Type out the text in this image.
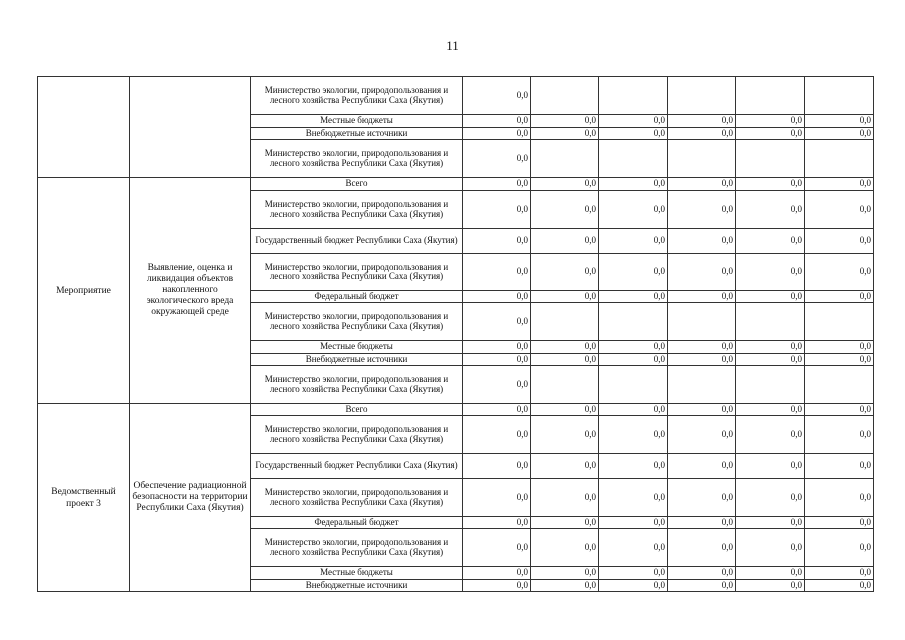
11
		Министерство экологии, природопользования и лесного хозяйства Республики Саха (Якутия)	0,0					
		Местные бюджеты	0,0	0,0	0,0	0,0	0,0	0,0
		Внебюджетные источники	0,0	0,0	0,0	0,0	0,0	0,0
		Министерство экологии, природопользования и лесного хозяйства Республики Саха (Якутия)	0,0					
Мероприятие	Выявление, оценка и ликвидация объектов накопленного экологического вреда окружающей среде	Всего	0,0	0,0	0,0	0,0	0,0	0,0
		Министерство экологии, природопользования и лесного хозяйства Республики Саха (Якутия)	0,0	0,0	0,0	0,0	0,0	0,0
		Государственный бюджет Республики Саха (Якутия)	0,0	0,0	0,0	0,0	0,0	0,0
		Министерство экологии, природопользования и лесного хозяйства Республики Саха (Якутия)	0,0	0,0	0,0	0,0	0,0	0,0
		Федеральный бюджет	0,0	0,0	0,0	0,0	0,0	0,0
		Министерство экологии, природопользования и лесного хозяйства Республики Саха (Якутия)	0,0					
		Местные бюджеты	0,0	0,0	0,0	0,0	0,0	0,0
		Внебюджетные источники	0,0	0,0	0,0	0,0	0,0	0,0
		Министерство экологии, природопользования и лесного хозяйства Республики Саха (Якутия)	0,0					
Ведомственный проект 3	Обеспечение радиационной безопасности на территории Республики Саха (Якутия)	Всего	0,0	0,0	0,0	0,0	0,0	0,0
		Министерство экологии, природопользования и лесного хозяйства Республики Саха (Якутия)	0,0	0,0	0,0	0,0	0,0	0,0
		Государственный бюджет Республики Саха (Якутия)	0,0	0,0	0,0	0,0	0,0	0,0
		Министерство экологии, природопользования и лесного хозяйства Республики Саха (Якутия)	0,0	0,0	0,0	0,0	0,0	0,0
		Федеральный бюджет	0,0	0,0	0,0	0,0	0,0	0,0
		Министерство экологии, природопользования и лесного хозяйства Республики Саха (Якутия)	0,0	0,0	0,0	0,0	0,0	0,0
		Местные бюджеты	0,0	0,0	0,0	0,0	0,0	0,0
		Внебюджетные источники	0,0	0,0	0,0	0,0	0,0	0,0
